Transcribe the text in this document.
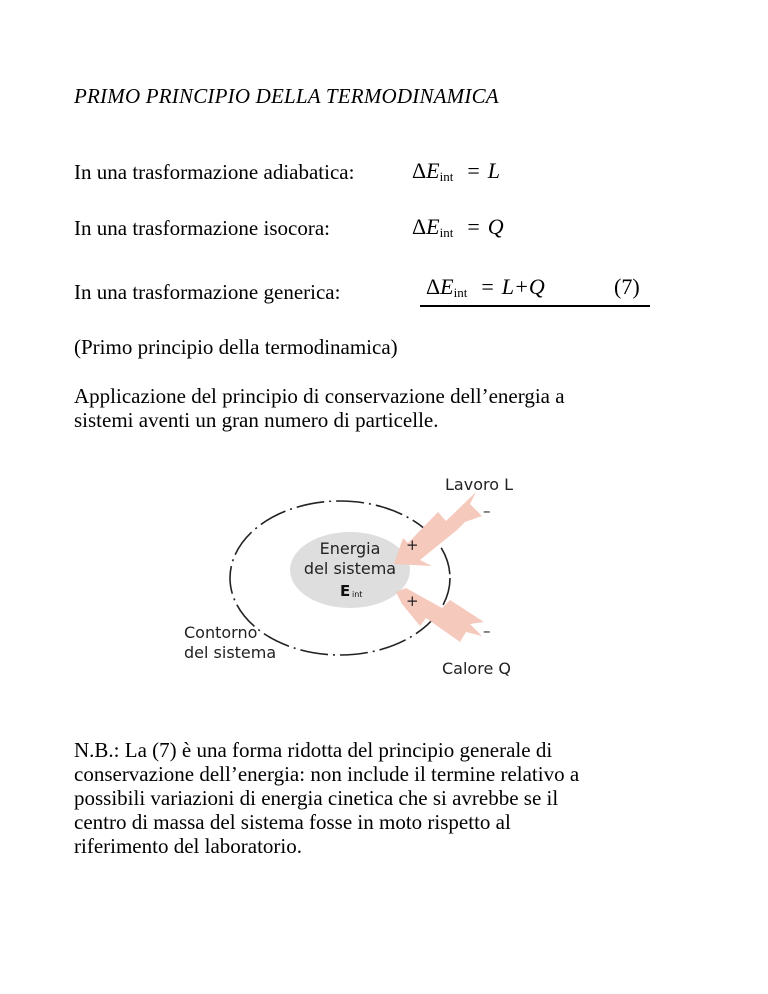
PRIMO PRINCIPIO DELLA TERMODINAMICA
In una trasformazione adiabatica:	$\Delta E_{int} = L$
In una trasformazione isocora:	$\Delta E_{int} = Q$
In una trasformazione generica:	$\Delta E_{int} = L+Q$	(7)
(Primo principio della termodinamica)
Applicazione del principio di conservazione dell’energia a
sistemi aventi un gran numero di particelle.
Energia
del sistema
E int
Lavoro L
Calore Q
Contorno
del sistema
+
+
–
–
N.B.: La (7) è una forma ridotta del principio generale di
conservazione dell’energia: non include il termine relativo a
possibili variazioni di energia cinetica che si avrebbe se il
centro di massa del sistema fosse in moto rispetto al
riferimento del laboratorio.
